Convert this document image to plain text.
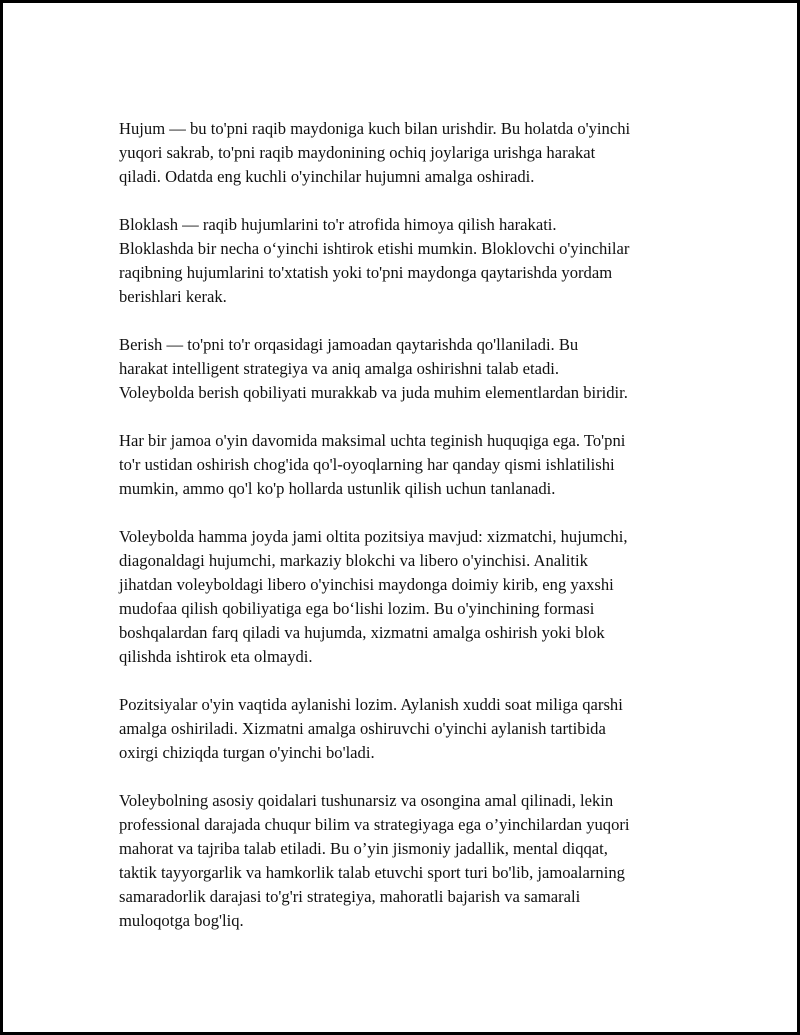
Hujum — bu to'pni raqib maydoniga kuch bilan urishdir. Bu holatda o'yinchi
yuqori sakrab, to'pni raqib maydonining ochiq joylariga urishga harakat
qiladi. Odatda eng kuchli o'yinchilar hujumni amalga oshiradi.

Bloklash — raqib hujumlarini to'r atrofida himoya qilish harakati.
Bloklashda bir necha o‘yinchi ishtirok etishi mumkin. Bloklovchi o'yinchilar
raqibning hujumlarini to'xtatish yoki to'pni maydonga qaytarishda yordam
berishlari kerak.

Berish — to'pni to'r orqasidagi jamoadan qaytarishda qo'llaniladi. Bu
harakat intelligent strategiya va aniq amalga oshirishni talab etadi.
Voleybolda berish qobiliyati murakkab va juda muhim elementlardan biridir.

Har bir jamoa o'yin davomida maksimal uchta teginish huquqiga ega. To'pni
to'r ustidan oshirish chog'ida qo'l-oyoqlarning har qanday qismi ishlatilishi
mumkin, ammo qo'l ko'p hollarda ustunlik qilish uchun tanlanadi.

Voleybolda hamma joyda jami oltita pozitsiya mavjud: xizmatchi, hujumchi,
diagonaldagi hujumchi, markaziy blokchi va libero o'yinchisi. Analitik
jihatdan voleyboldagi libero o'yinchisi maydonga doimiy kirib, eng yaxshi
mudofaa qilish qobiliyatiga ega bo‘lishi lozim. Bu o'yinchining formasi
boshqalardan farq qiladi va hujumda, xizmatni amalga oshirish yoki blok
qilishda ishtirok eta olmaydi.

Pozitsiyalar o'yin vaqtida aylanishi lozim. Aylanish xuddi soat miliga qarshi
amalga oshiriladi. Xizmatni amalga oshiruvchi o'yinchi aylanish tartibida
oxirgi chiziqda turgan o'yinchi bo'ladi.

Voleybolning asosiy qoidalari tushunarsiz va osongina amal qilinadi, lekin
professional darajada chuqur bilim va strategiyaga ega o’yinchilardan yuqori
mahorat va tajriba talab etiladi. Bu o’yin jismoniy jadallik, mental diqqat,
taktik tayyorgarlik va hamkorlik talab etuvchi sport turi bo'lib, jamoalarning
samaradorlik darajasi to'g'ri strategiya, mahoratli bajarish va samarali
muloqotga bog'liq.
